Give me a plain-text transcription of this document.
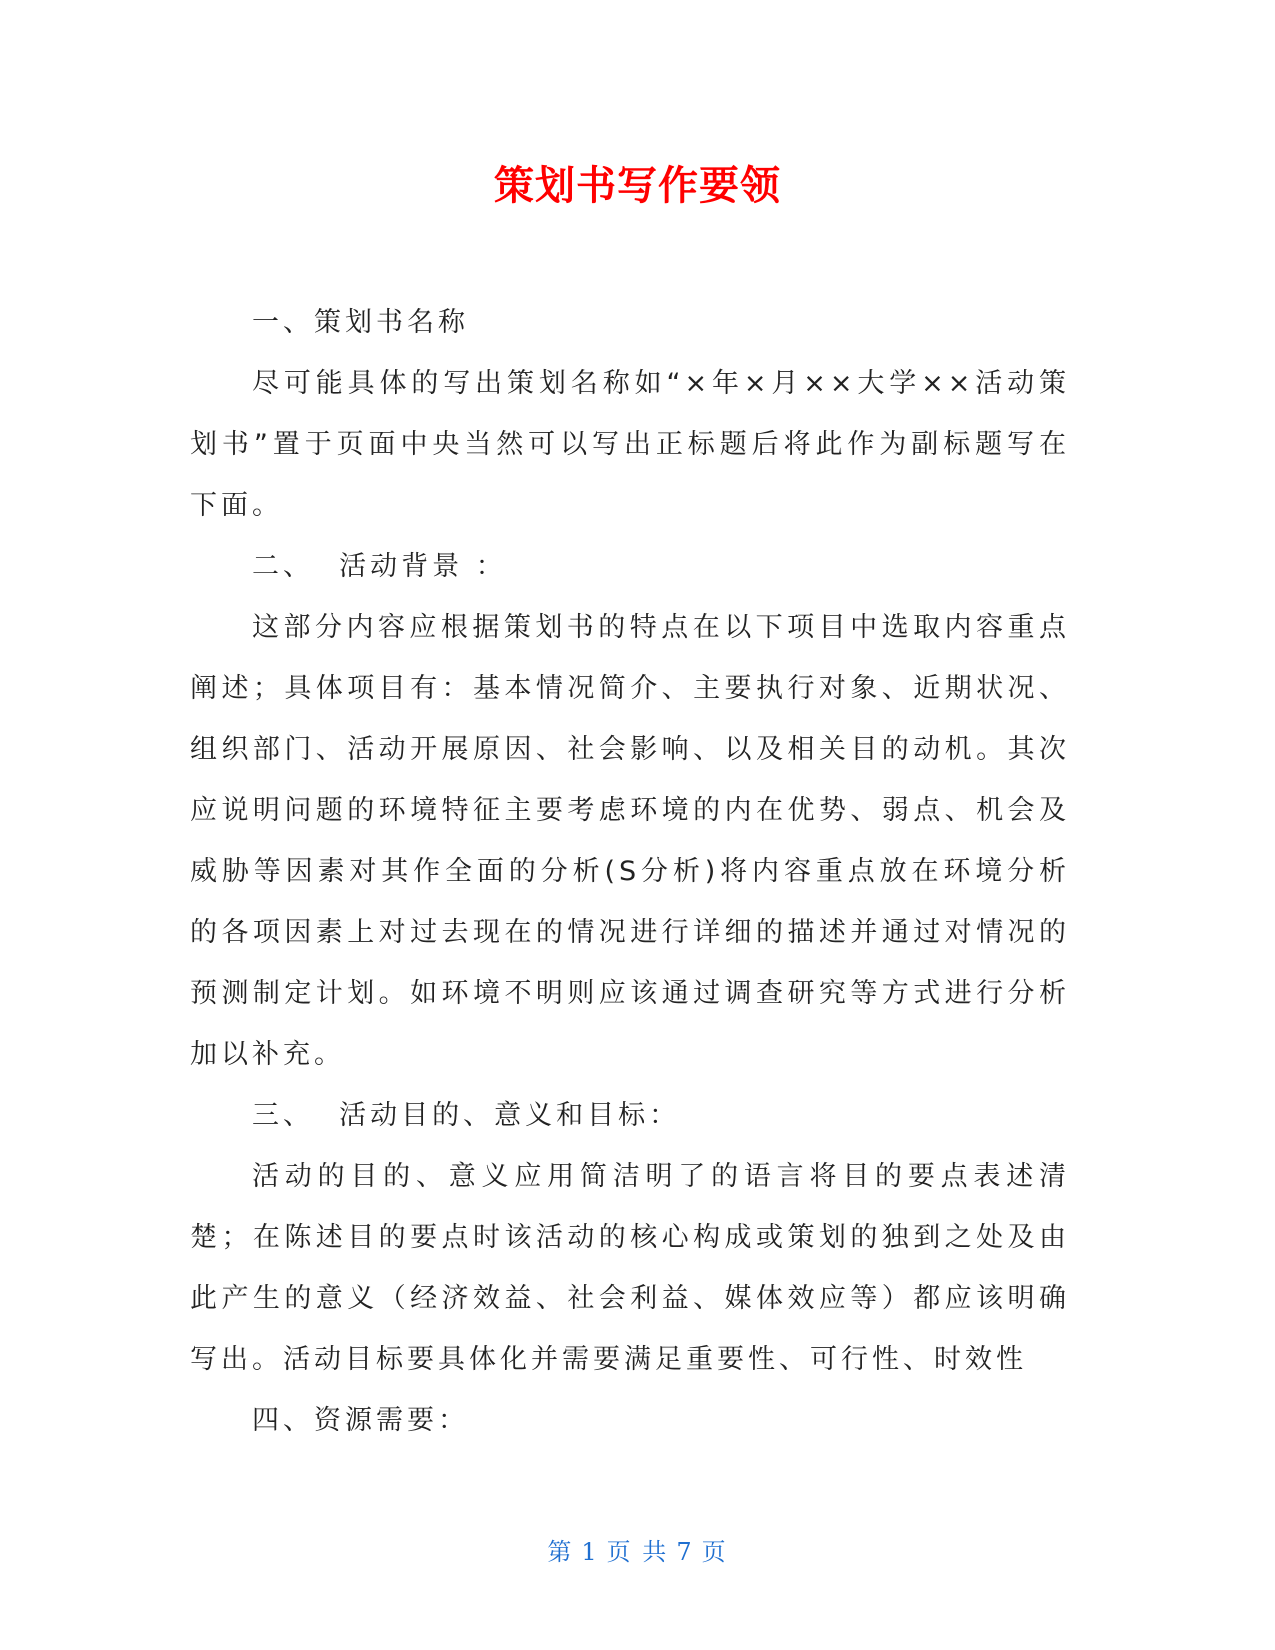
策划书写作要领

一、策划书名称

尽可能具体的写出策划名称如“×年×月××大学××活动策划书”置于页面中央当然可以写出正标题后将此作为副标题写在下面。

二、  活动背景 ：

这部分内容应根据策划书的特点在以下项目中选取内容重点阐述；具体项目有：基本情况简介、主要执行对象、近期状况、组织部门、活动开展原因、社会影响、以及相关目的动机。其次应说明问题的环境特征主要考虑环境的内在优势、弱点、机会及威胁等因素对其作全面的分析(S分析)将内容重点放在环境分析的各项因素上对过去现在的情况进行详细的描述并通过对情况的预测制定计划。如环境不明则应该通过调查研究等方式进行分析加以补充。

三、  活动目的、意义和目标：

活动的目的、意义应用简洁明了的语言将目的要点表述清楚；在陈述目的要点时该活动的核心构成或策划的独到之处及由此产生的意义（经济效益、社会利益、媒体效应等）都应该明确写出。活动目标要具体化并需要满足重要性、可行性、时效性

四、资源需要：

第 1 页 共 7 页
